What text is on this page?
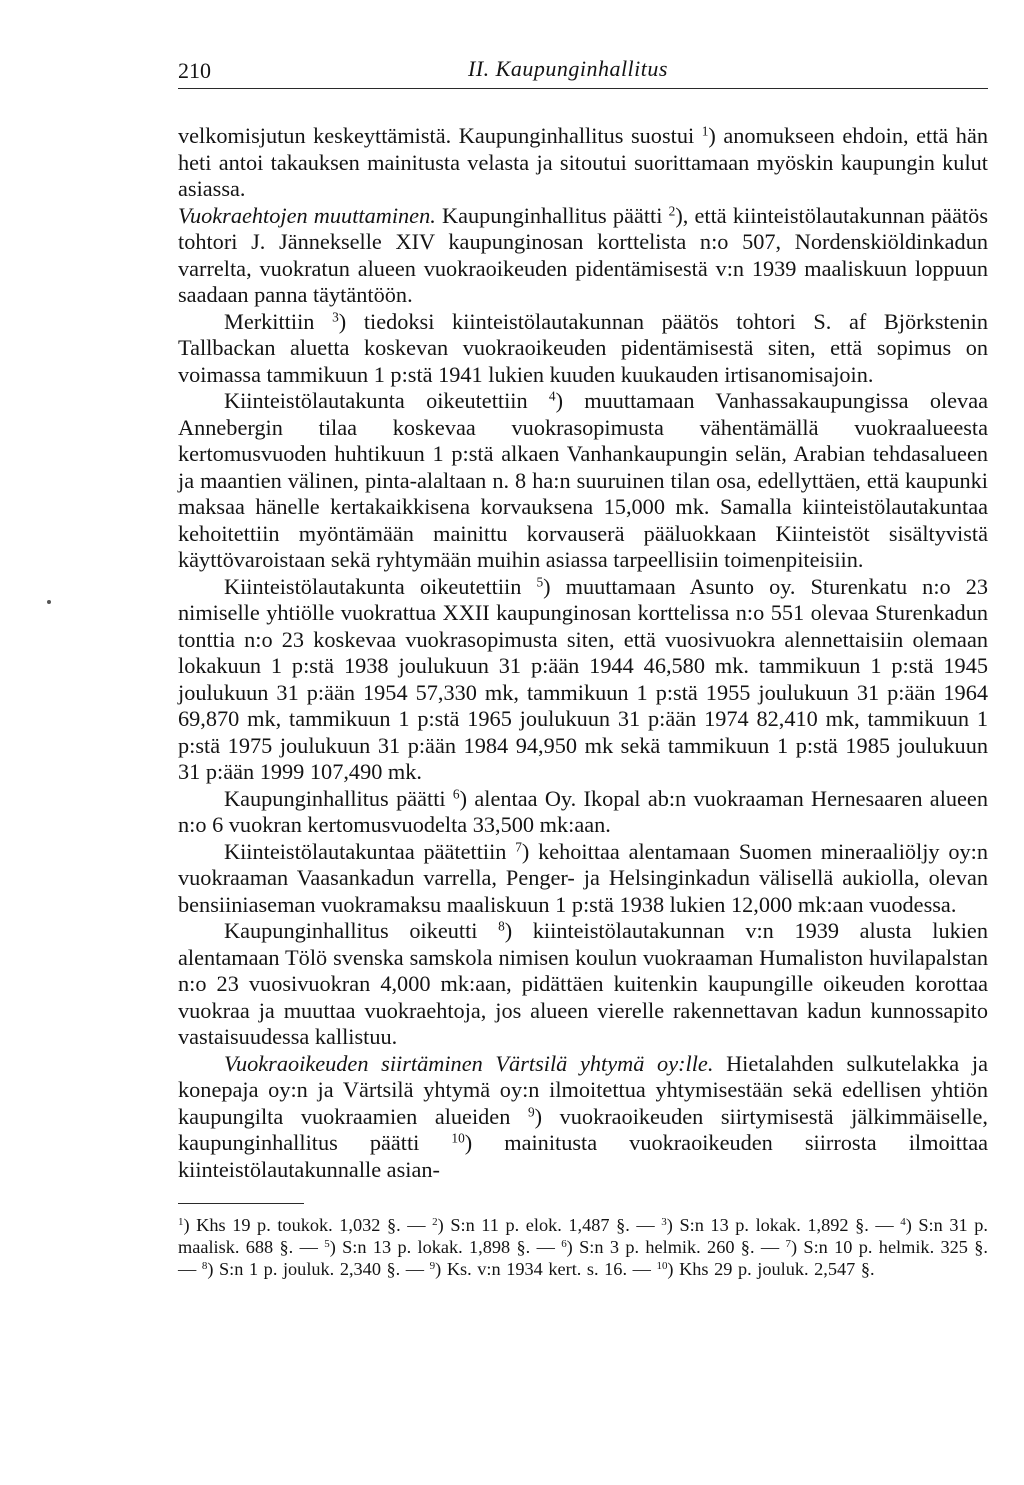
210	II. Kaupunginhallitus

velkomisjutun keskeyttämistä. Kaupunginhallitus suostui $^1$) anomukseen ehdoin, että hän heti antoi takauksen mainitusta velasta ja sitoutui suorittamaan myöskin kaupungin kulut asiassa.

Vuokraehtojen muuttaminen. Kaupunginhallitus päätti $^2$), että kiinteistölautakunnan päätös tohtori J. Jännekselle XIV kaupunginosan korttelista n:o 507, Nordenskiöldinkadun varrelta, vuokratun alueen vuokraoikeuden pidentämisestä v:n 1939 maaliskuun loppuun saadaan panna täytäntöön.

Merkittiin $^3$) tiedoksi kiinteistölautakunnan päätös tohtori S. af Björkstenin Tallbackan aluetta koskevan vuokraoikeuden pidentämisestä siten, että sopimus on voimassa tammikuun 1 p:stä 1941 lukien kuuden kuukauden irtisanomisajoin.

Kiinteistölautakunta oikeutettiin $^4$) muuttamaan Vanhassakaupungissa olevaa Annebergin tilaa koskevaa vuokrasopimusta vähentämällä vuokraalueesta kertomusvuoden huhtikuun 1 p:stä alkaen Vanhankaupungin selän, Arabian tehdasalueen ja maantien välinen, pinta-alaltaan n. 8 ha:n suuruinen tilan osa, edellyttäen, että kaupunki maksaa hänelle kertakaikkisena korvauksena 15,000 mk. Samalla kiinteistölautakuntaa kehoitettiin myöntämään mainittu korvauserä pääluokkaan Kiinteistöt sisältyvistä käyttövaroistaan sekä ryhtymään muihin asiassa tarpeellisiin toimenpiteisiin.

Kiinteistölautakunta oikeutettiin $^5$) muuttamaan Asunto oy. Sturenkatu n:o 23 nimiselle yhtiölle vuokrattua XXII kaupunginosan korttelissa n:o 551 olevaa Sturenkadun tonttia n:o 23 koskevaa vuokrasopimusta siten, että vuosivuokra alennettaisiin olemaan lokakuun 1 p:stä 1938 joulukuun 31 p:ään 1944 46,580 mk. tammikuun 1 p:stä 1945 joulukuun 31 p:ään 1954 57,330 mk, tammikuun 1 p:stä 1955 joulukuun 31 p:ään 1964 69,870 mk, tammikuun 1 p:stä 1965 joulukuun 31 p:ään 1974 82,410 mk, tammikuun 1 p:stä 1975 joulukuun 31 p:ään 1984 94,950 mk sekä tammikuun 1 p:stä 1985 joulukuun 31 p:ään 1999 107,490 mk.

Kaupunginhallitus päätti $^6$) alentaa Oy. Ikopal ab:n vuokraaman Hernesaaren alueen n:o 6 vuokran kertomusvuodelta 33,500 mk:aan.

Kiinteistölautakuntaa päätettiin $^7$) kehoittaa alentamaan Suomen mineraaliöljy oy:n vuokraaman Vaasankadun varrella, Penger- ja Helsinginkadun välisellä aukiolla, olevan bensiiniaseman vuokramaksu maaliskuun 1 p:stä 1938 lukien 12,000 mk:aan vuodessa.

Kaupunginhallitus oikeutti $^8$) kiinteistölautakunnan v:n 1939 alusta lukien alentamaan Tölö svenska samskola nimisen koulun vuokraaman Humaliston huvilapalstan n:o 23 vuosivuokran 4,000 mk:aan, pidättäen kuitenkin kaupungille oikeuden korottaa vuokraa ja muuttaa vuokraehtoja, jos alueen vierelle rakennettavan kadun kunnossapito vastaisuudessa kallistuu.

Vuokraoikeuden siirtäminen Värtsilä yhtymä oy:lle. Hietalahden sulkutelakka ja konepaja oy:n ja Värtsilä yhtymä oy:n ilmoitettua yhtymisestään sekä edellisen yhtiön kaupungilta vuokraamien alueiden $^9$) vuokraoikeuden siirtymisestä jälkimmäiselle, kaupunginhallitus päätti $^{10}$) mainitusta vuokraoikeuden siirrosta ilmoittaa kiinteistölautakunnalle asian-

$^1$) Khs 19 p. toukok. 1,032 §. — $^2$) S:n 11 p. elok. 1,487 §. — $^3$) S:n 13 p. lokak. 1,892 §. — $^4$) S:n 31 p. maalisk. 688 §. — $^5$) S:n 13 p. lokak. 1,898 §. — $^6$) S:n 3 p. helmik. 260 §. — $^7$) S:n 10 p. helmik. 325 §. — $^8$) S:n 1 p. jouluk. 2,340 §. — $^9$) Ks. v:n 1934 kert. s. 16. — $^{10}$) Khs 29 p. jouluk. 2,547 §.
